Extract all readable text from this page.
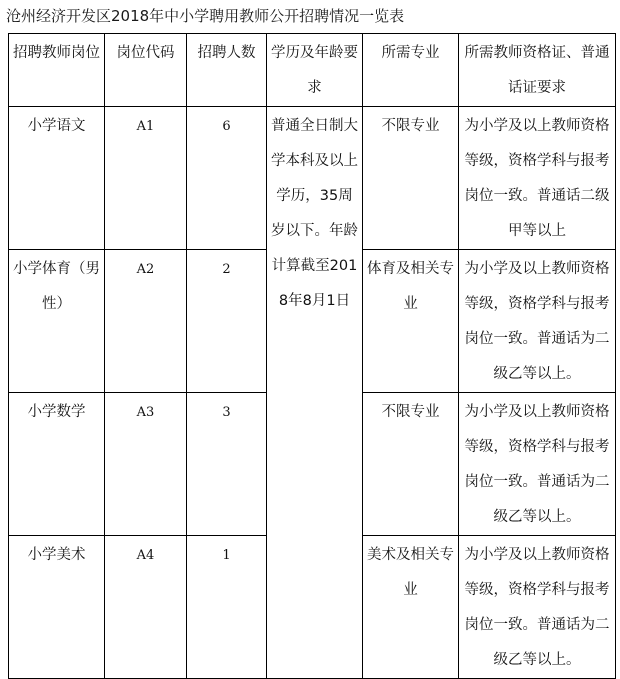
沧州经济开发区2018年中小学聘用教师公开招聘情况一览表
招聘教师岗位	岗位代码	招聘人数	学历及年龄要求	所需专业	所需教师资格证、普通话证要求
小学语文	A1	6	普通全日制大学本科及以上学历，35周岁以下。年龄计算截至2018年8月1日	不限专业	为小学及以上教师资格等级，资格学科与报考岗位一致。普通话二级甲等以上
小学体育（男性）	A2	2		体育及相关专业	为小学及以上教师资格等级，资格学科与报考岗位一致。普通话为二级乙等以上。
小学数学	A3	3		不限专业	为小学及以上教师资格等级，资格学科与报考岗位一致。普通话为二级乙等以上。
小学美术	A4	1		美术及相关专业	为小学及以上教师资格等级，资格学科与报考岗位一致。普通话为二级乙等以上。
